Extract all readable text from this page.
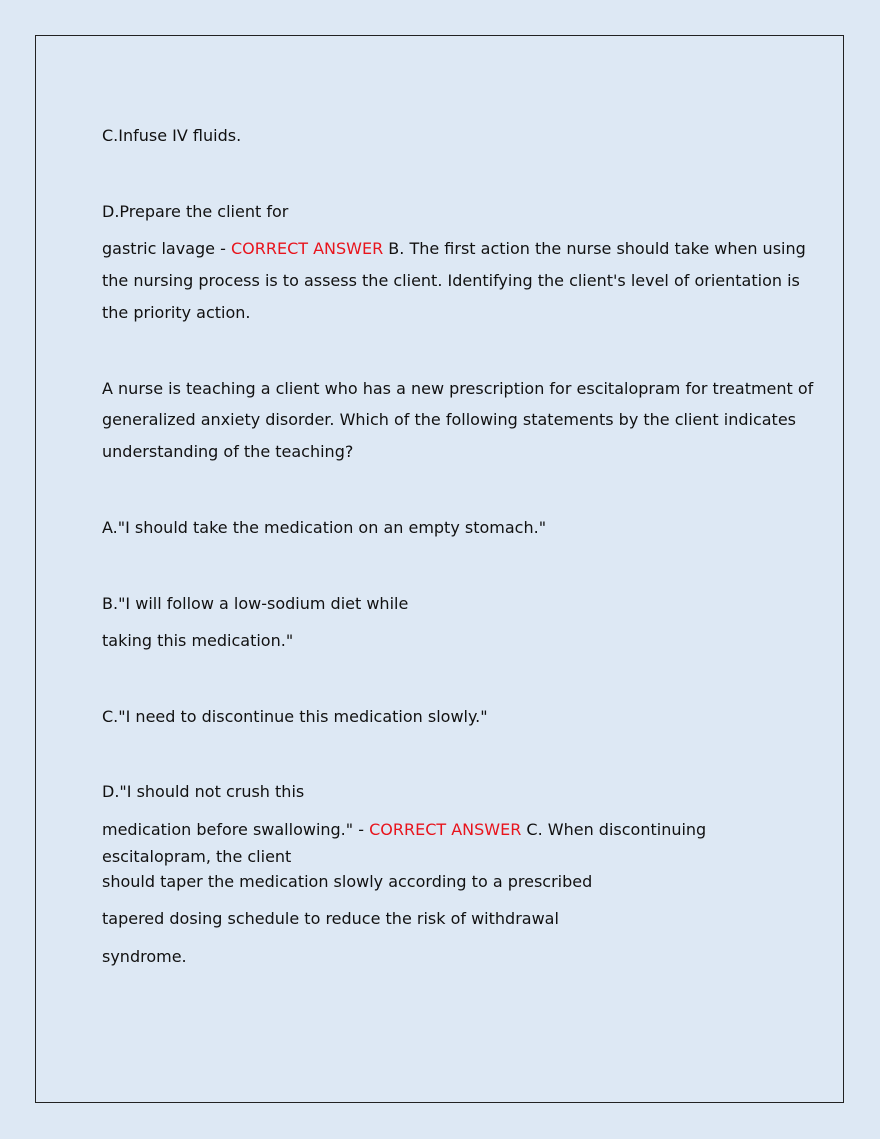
C.Infuse IV fluids.

D.Prepare the client for

gastric lavage - CORRECT ANSWER B. The first action the nurse should take when using

the nursing process is to assess the client. Identifying the client's level of orientation is

the priority action.

A nurse is teaching a client who has a new prescription for escitalopram for treatment of

generalized anxiety disorder. Which of the following statements by the client indicates

understanding of the teaching?

A."I should take the medication on an empty stomach."

B."I will follow a low-sodium diet while

taking this medication."

C."I need to discontinue this medication slowly."

D."I should not crush this

medication before swallowing." - CORRECT ANSWER C. When discontinuing

escitalopram, the client

should taper the medication slowly according to a prescribed

tapered dosing schedule to reduce the risk of withdrawal

syndrome.
